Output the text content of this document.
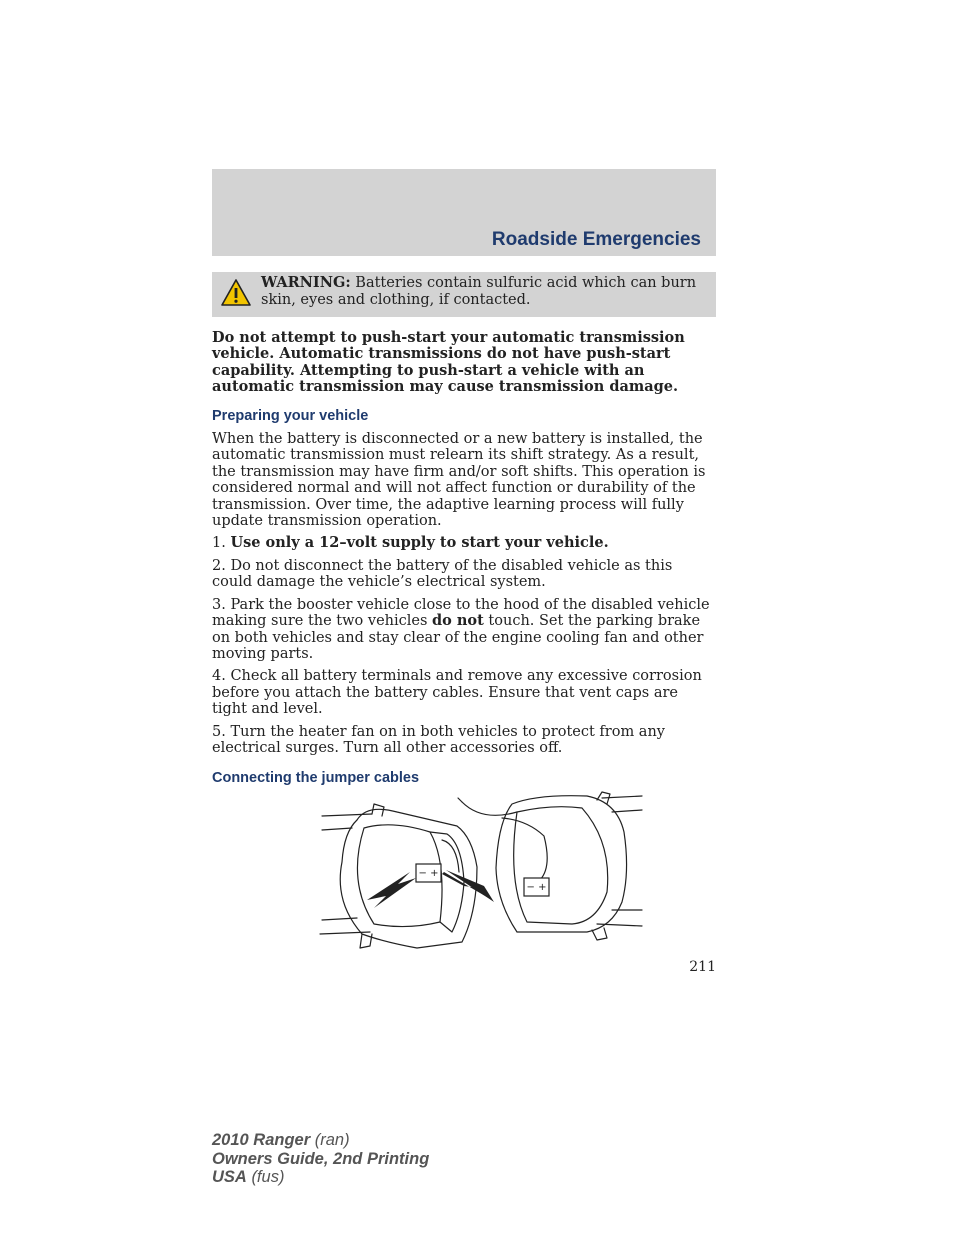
Roadside Emergencies
WARNING: Batteries contain sulfuric acid which can burn skin, eyes and clothing, if contacted.

Do not attempt to push-start your automatic transmission vehicle. Automatic transmissions do not have push-start capability. Attempting to push-start a vehicle with an automatic transmission may cause transmission damage.

Preparing your vehicle

When the battery is disconnected or a new battery is installed, the automatic transmission must relearn its shift strategy. As a result, the transmission may have firm and/or soft shifts. This operation is considered normal and will not affect function or durability of the transmission. Over time, the adaptive learning process will fully update transmission operation.

1. Use only a 12–volt supply to start your vehicle.

2. Do not disconnect the battery of the disabled vehicle as this could damage the vehicle’s electrical system.

3. Park the booster vehicle close to the hood of the disabled vehicle making sure the two vehicles do not touch. Set the parking brake on both vehicles and stay clear of the engine cooling fan and other moving parts.

4. Check all battery terminals and remove any excessive corrosion before you attach the battery cables. Ensure that vent caps are tight and level.

5. Turn the heater fan on in both vehicles to protect from any electrical surges. Turn all other accessories off.

Connecting the jumper cables
− +
− +
211
2010 Ranger (ran)
Owners Guide, 2nd Printing
USA (fus)
